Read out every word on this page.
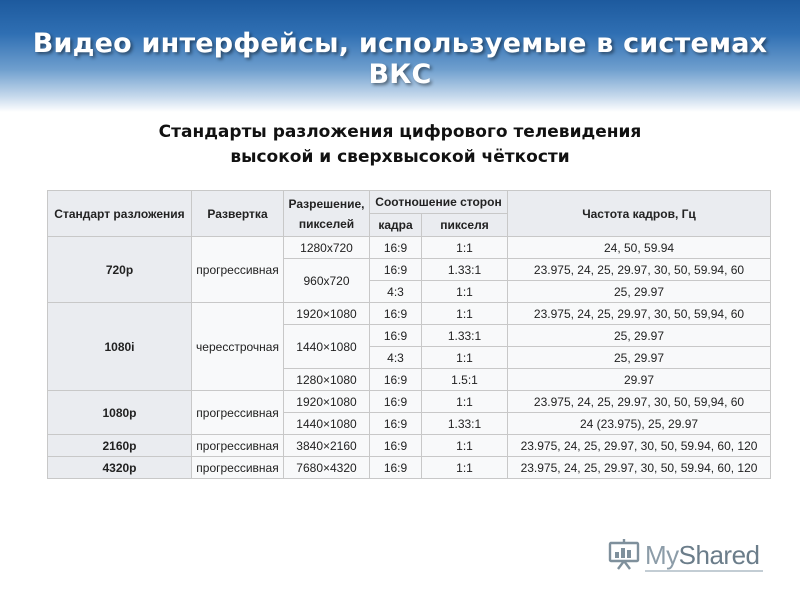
Видео интерфейсы, используемые в системах ВКС
Стандарты разложения цифрового телевидения
высокой и сверхвысокой чёткости
Стандарт разложения	Развертка	Разрешение, пикселей	Соотношение сторон		Частота кадров, Гц
			кадра	пикселя	
720p	прогрессивная	1280x720	16:9	1:1	24, 50, 59.94
		960x720	16:9	1.33:1	23.975, 24, 25, 29.97, 30, 50, 59.94, 60
			4:3	1:1	25, 29.97
1080i	чересстрочная	1920×1080	16:9	1:1	23.975, 24, 25, 29.97, 30, 50, 59,94, 60
		1440×1080	16:9	1.33:1	25, 29.97
			4:3	1:1	25, 29.97
		1280×1080	16:9	1.5:1	29.97
1080p	прогрессивная	1920×1080	16:9	1:1	23.975, 24, 25, 29.97, 30, 50, 59,94, 60
		1440×1080	16:9	1.33:1	24 (23.975), 25, 29.97
2160p	прогрессивная	3840×2160	16:9	1:1	23.975, 24, 25, 29.97, 30, 50, 59.94, 60, 120
4320p	прогрессивная	7680×4320	16:9	1:1	23.975, 24, 25, 29.97, 30, 50, 59.94, 60, 120
MyShared
